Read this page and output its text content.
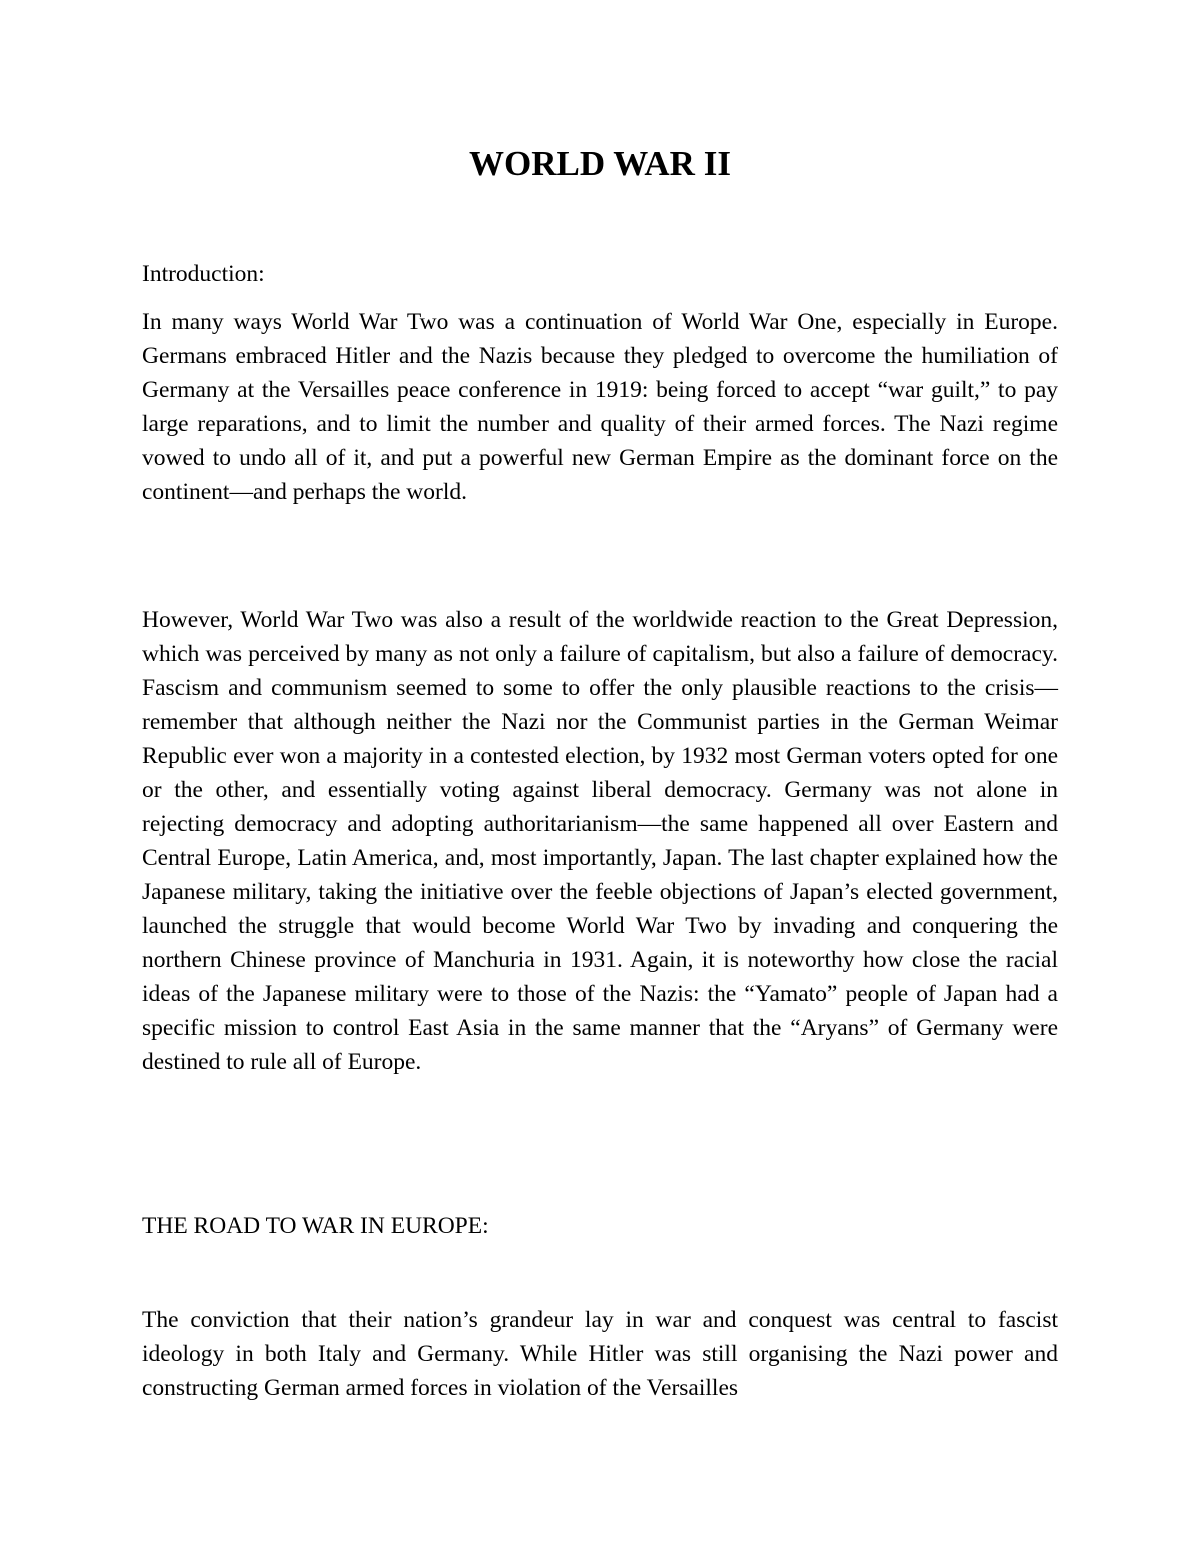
WORLD WAR II

Introduction:

In many ways World War Two was a continuation of World War One, especially in Europe. Germans embraced Hitler and the Nazis because they pledged to overcome the humiliation of Germany at the Versailles peace conference in 1919: being forced to accept “war guilt,” to pay large reparations, and to limit the number and quality of their armed forces. The Nazi regime vowed to undo all of it, and put a powerful new German Empire as the dominant force on the continent—and perhaps the world.

However, World War Two was also a result of the worldwide reaction to the Great Depression, which was perceived by many as not only a failure of capitalism, but also a failure of democracy. Fascism and communism seemed to some to offer the only plausible reactions to the crisis—remember that although neither the Nazi nor the Communist parties in the German Weimar Republic ever won a majority in a contested election, by 1932 most German voters opted for one or the other, and essentially voting against liberal democracy. Germany was not alone in rejecting democracy and adopting authoritarianism—the same happened all over Eastern and Central Europe, Latin America, and, most importantly, Japan. The last chapter explained how the Japanese military, taking the initiative over the feeble objections of Japan’s elected government, launched the struggle that would become World War Two by invading and conquering the northern Chinese province of Manchuria in 1931. Again, it is noteworthy how close the racial ideas of the Japanese military were to those of the Nazis: the “Yamato” people of Japan had a specific mission to control East Asia in the same manner that the “Aryans” of Germany were destined to rule all of Europe.

THE ROAD TO WAR IN EUROPE:

The conviction that their nation’s grandeur lay in war and conquest was central to fascist ideology in both Italy and Germany. While Hitler was still organising the Nazi power and constructing German armed forces in violation of the Versailles
